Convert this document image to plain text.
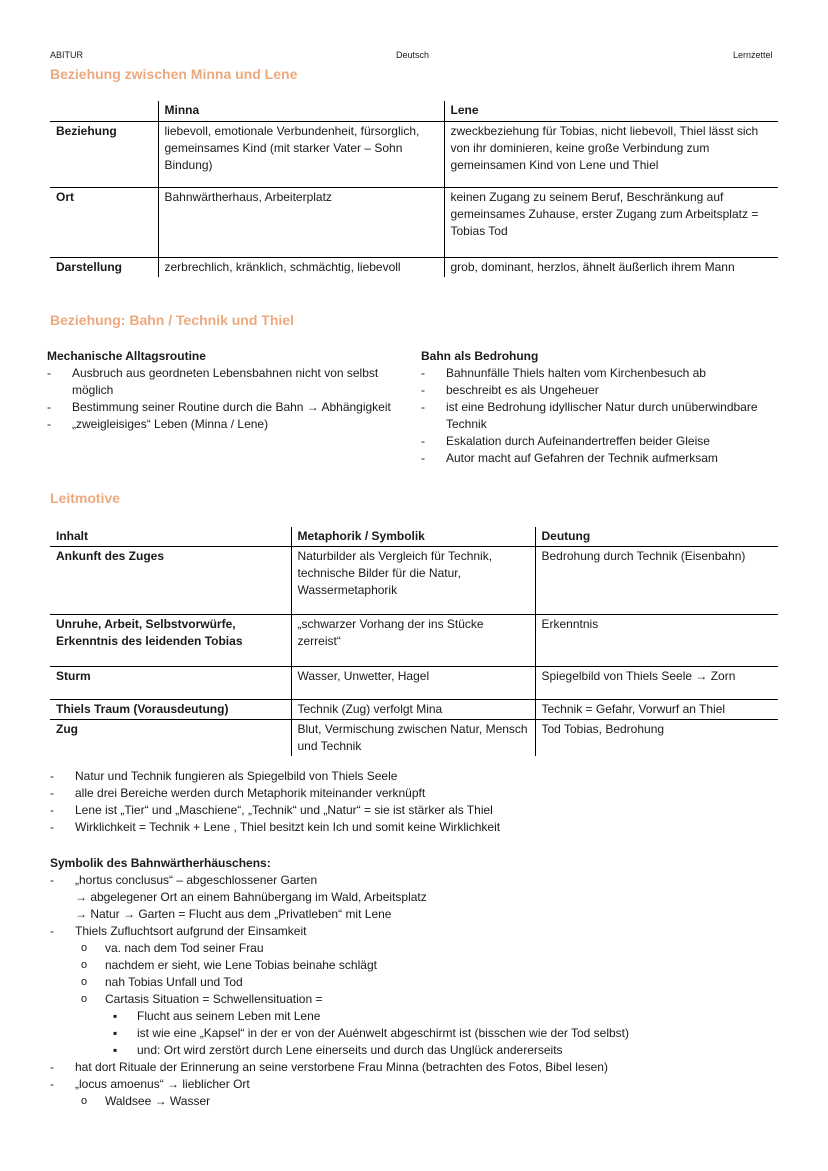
ABITUR	Deutsch	Lernzettel
Beziehung zwischen Minna und Lene
	Minna	Lene
Beziehung	liebevoll, emotionale Verbundenheit, fürsorglich, gemeinsames Kind (mit starker Vater – Sohn Bindung)	zweckbeziehung für Tobias, nicht liebevoll, Thiel lässt sich von ihr dominieren, keine große Verbindung zum gemeinsamen Kind von Lene und Thiel
Ort	Bahnwärtherhaus, Arbeiterplatz	keinen Zugang zu seinem Beruf, Beschränkung auf gemeinsames Zuhause, erster Zugang zum Arbeitsplatz = Tobias Tod
Darstellung	zerbrechlich, kränklich, schmächtig, liebevoll	grob, dominant, herzlos, ähnelt äußerlich ihrem Mann
Beziehung: Bahn / Technik und Thiel
Mechanische Alltagsroutine
- Ausbruch aus geordneten Lebensbahnen nicht von selbst möglich
- Bestimmung seiner Routine durch die Bahn → Abhängigkeit
- „zweigleisiges“ Leben (Minna / Lene)
Bahn als Bedrohung
- Bahnunfälle Thiels halten vom Kirchenbesuch ab
- beschreibt es als Ungeheuer
- ist eine Bedrohung idyllischer Natur durch unüberwindbare Technik
- Eskalation durch Aufeinandertreffen beider Gleise
- Autor macht auf Gefahren der Technik aufmerksam
Leitmotive
Inhalt	Metaphorik / Symbolik	Deutung
Ankunft des Zuges	Naturbilder als Vergleich für Technik, technische Bilder für die Natur, Wassermetaphorik	Bedrohung durch Technik (Eisenbahn)
Unruhe, Arbeit, Selbstvorwürfe, Erkenntnis des leidenden Tobias	„schwarzer Vorhang der ins Stücke zerreist“	Erkenntnis
Sturm	Wasser, Unwetter, Hagel	Spiegelbild von Thiels Seele → Zorn
Thiels Traum (Vorausdeutung)	Technik (Zug) verfolgt Mina	Technik = Gefahr, Vorwurf an Thiel
Zug	Blut, Vermischung zwischen Natur, Mensch und Technik	Tod Tobias, Bedrohung
- Natur und Technik fungieren als Spiegelbild von Thiels Seele
- alle drei Bereiche werden durch Metaphorik miteinander verknüpft
- Lene ist „Tier“ und „Maschiene“, „Technik“ und „Natur“ = sie ist stärker als Thiel
- Wirklichkeit = Technik + Lene , Thiel besitzt kein Ich und somit keine Wirklichkeit
Symbolik des Bahnwärtherhäuschens:
- „hortus conclusus“ – abgeschlossener Garten
→ abgelegener Ort an einem Bahnübergang im Wald, Arbeitsplatz
→ Natur → Garten = Flucht aus dem „Privatleben“ mit Lene
- Thiels Zufluchtsort aufgrund der Einsamkeit
o va. nach dem Tod seiner Frau
o nachdem er sieht, wie Lene Tobias beinahe schlägt
o nah Tobias Unfall und Tod
o Cartasis Situation = Schwellensituation =
▪ Flucht aus seinem Leben mit Lene
▪ ist wie eine „Kapsel“ in der er von der Auénwelt abgeschirmt ist (bisschen wie der Tod selbst)
▪ und: Ort wird zerstört durch Lene einerseits und durch das Unglück andererseits
- hat dort Rituale der Erinnerung an seine verstorbene Frau Minna (betrachten des Fotos, Bibel lesen)
- „locus amoenus“ → lieblicher Ort
o Waldsee → Wasser
